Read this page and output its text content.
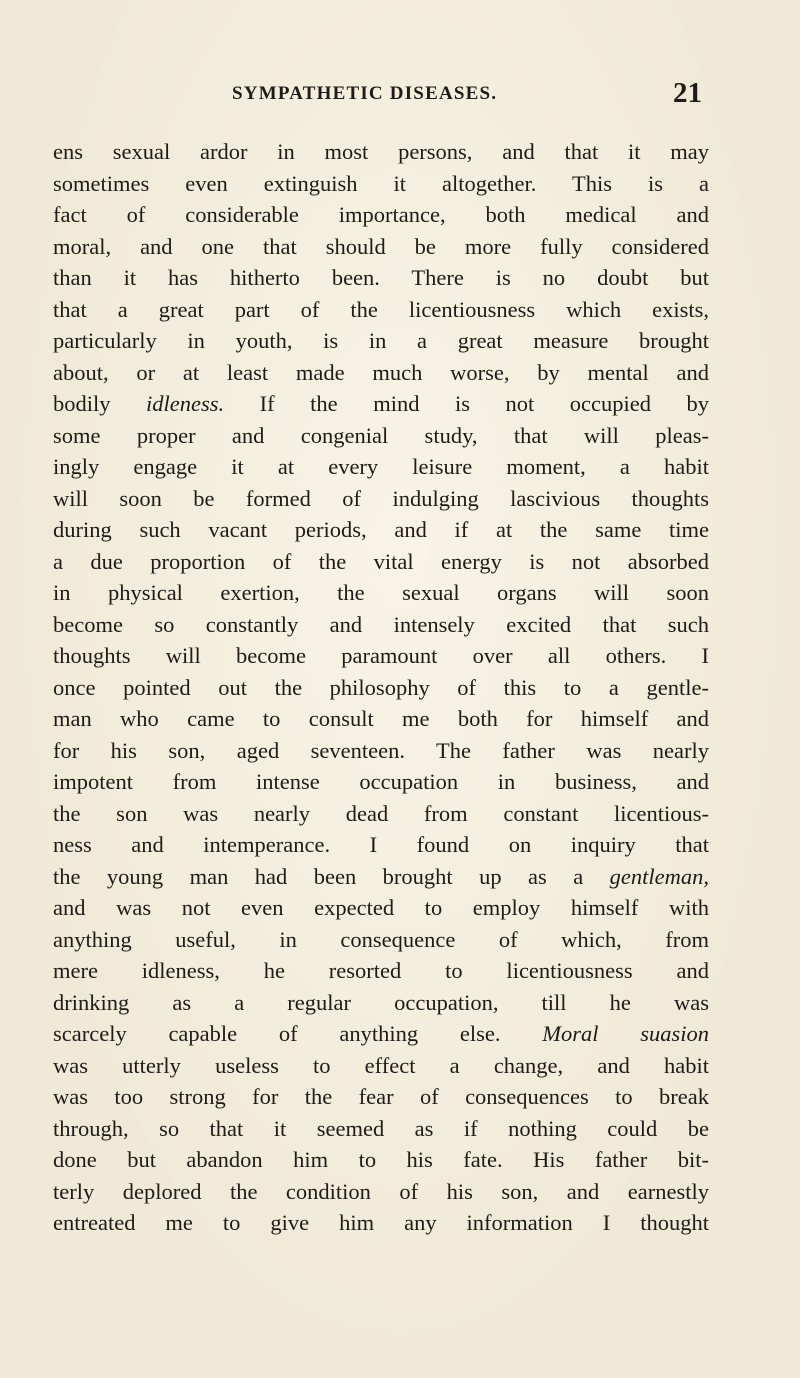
SYMPATHETIC DISEASES.	21
ens sexual ardor in most persons, and that it may
sometimes even extinguish it altogether. This is a
fact of considerable importance, both medical and
moral, and one that should be more fully considered
than it has hitherto been. There is no doubt but
that a great part of the licentiousness which exists,
particularly in youth, is in a great measure brought
about, or at least made much worse, by mental and
bodily idleness. If the mind is not occupied by
some proper and congenial study, that will pleas-
ingly engage it at every leisure moment, a habit
will soon be formed of indulging lascivious thoughts
during such vacant periods, and if at the same time
a due proportion of the vital energy is not absorbed
in physical exertion, the sexual organs will soon
become so constantly and intensely excited that such
thoughts will become paramount over all others. I
once pointed out the philosophy of this to a gentle-
man who came to consult me both for himself and
for his son, aged seventeen. The father was nearly
impotent from intense occupation in business, and
the son was nearly dead from constant licentious-
ness and intemperance. I found on inquiry that
the young man had been brought up as a gentleman,
and was not even expected to employ himself with
anything useful, in consequence of which, from
mere idleness, he resorted to licentiousness and
drinking as a regular occupation, till he was
scarcely capable of anything else. Moral suasion
was utterly useless to effect a change, and habit
was too strong for the fear of consequences to break
through, so that it seemed as if nothing could be
done but abandon him to his fate. His father bit-
terly deplored the condition of his son, and earnestly
entreated me to give him any information I thought
